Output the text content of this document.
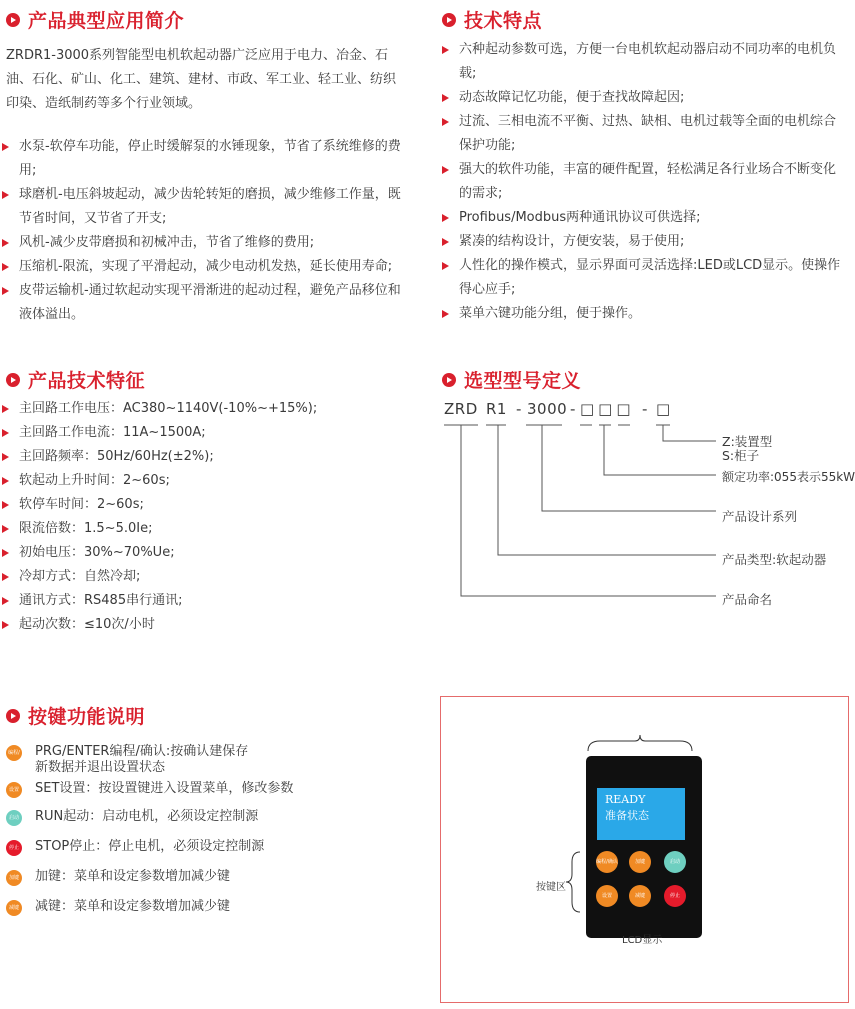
产品典型应用简介
ZRDR1-3000系列智能型电机软起动器广泛应用于电力、冶金、石
油、石化、矿山、化工、建筑、建材、市政、军工业、轻工业、纺织
印染、造纸制药等多个行业领域。
水泵-软停车功能，停止时缓解泵的水锤现象，节省了系统维修的费
用;
球磨机-电压斜坡起动，减少齿轮转矩的磨损，减少维修工作量，既
节省时间，又节省了开支;
风机-减少皮带磨损和初械冲击，节省了维修的费用;
压缩机-限流，实现了平滑起动，减少电动机发热，延长使用寿命;
皮带运输机-通过软起动实现平滑渐进的起动过程，避免产品移位和
液体溢出。
技术特点
六种起动参数可选，方便一台电机软起动器启动不同功率的电机负载;
动态故障记忆功能，便于查找故障起因;
过流、三相电流不平衡、过热、缺相、电机过载等全面的电机综合
保护功能;
强大的软件功能，丰富的硬件配置，轻松满足各行业场合不断变化
的需求;
Profibus/Modbus两种通讯协议可供选择;
紧凑的结构设计，方便安装，易于使用;
人性化的操作模式，显示界面可灵活选择:LED或LCD显示。使操作
得心应手;
菜单六键功能分组，便于操作。
产品技术特征
主回路工作电压：AC380~1140V(-10%~+15%);
主回路工作电流：11A~1500A;
主回路频率：50Hz/60Hz(±2%);
软起动上升时间：2~60s;
软停车时间：2~60s;
限流倍数：1.5~5.0Ie;
初始电压：30%~70%Ue;
冷却方式：自然冷却;
通讯方式：RS485串行通讯;
起动次数：≤10次/小时
选型型号定义
ZRD R1 - 3000 - □□□ - □
Z:装置型
S:柜子
额定功率:055表示55kW
产品设计系列
产品类型:软起动器
产品命名
按键功能说明
编程/确认
PRG/ENTER编程/确认:按确认建保存
新数据并退出设置状态
设置 SET设置：按设置键进入设置菜单，修改参数
启动 RUN起动：启动电机，必须设定控制源
停止 STOP停止：停止电机，必须设定控制源
加键 加键：菜单和设定参数增加减少键
减键 减键：菜单和设定参数增加减少键
READY
准备状态
编程/确认	加键	启动
设置	减键	停止
按键区
LCD显示
